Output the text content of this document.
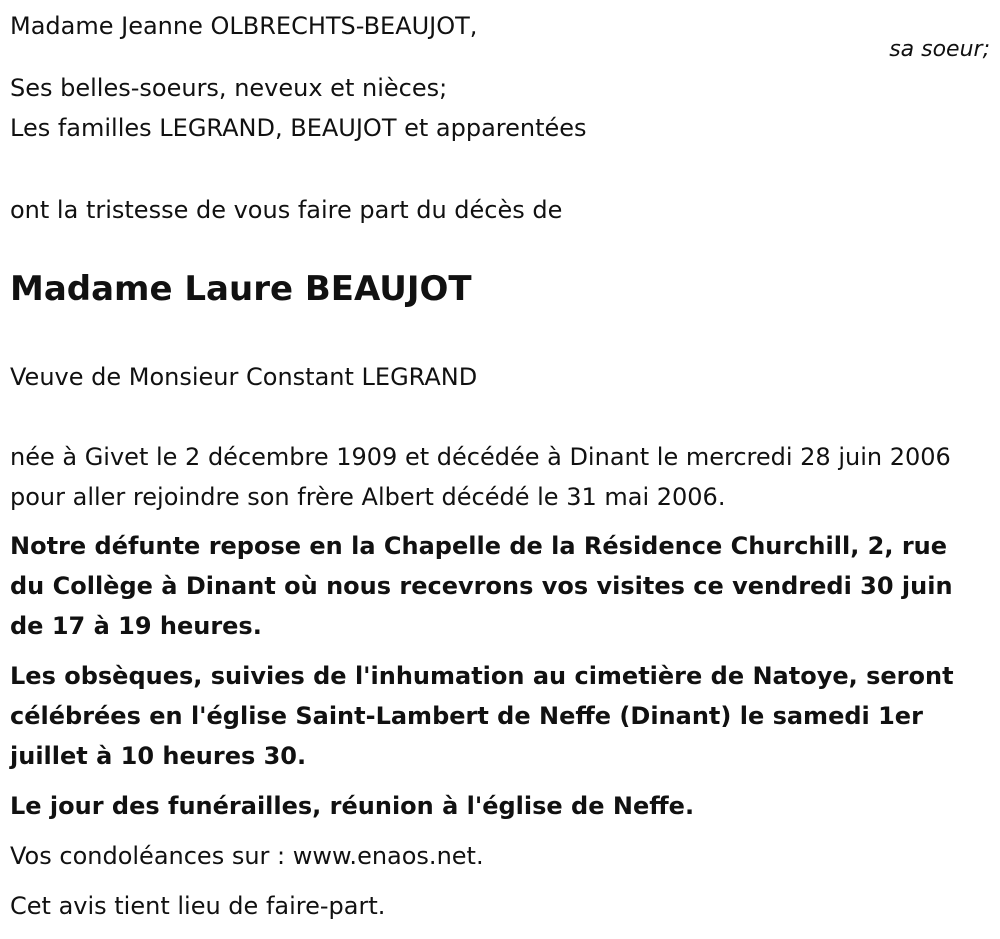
Madame Jeanne OLBRECHTS-BEAUJOT,
sa soeur;
Ses belles-soeurs, neveux et nièces;
Les familles LEGRAND, BEAUJOT et apparentées
ont la tristesse de vous faire part du décès de
Madame Laure BEAUJOT
Veuve de Monsieur Constant LEGRAND
née à Givet le 2 décembre 1909 et décédée à Dinant le mercredi 28 juin 2006 pour aller rejoindre son frère Albert décédé le 31 mai 2006.
Notre défunte repose en la Chapelle de la Résidence Churchill, 2, rue du Collège à Dinant où nous recevrons vos visites ce vendredi 30 juin de 17 à 19 heures.
Les obsèques, suivies de l'inhumation au cimetière de Natoye, seront célébrées en l'église Saint-Lambert de Neffe (Dinant) le samedi 1er juillet à 10 heures 30.
Le jour des funérailles, réunion à l'église de Neffe.
Vos condoléances sur : www.enaos.net.
Cet avis tient lieu de faire-part.
